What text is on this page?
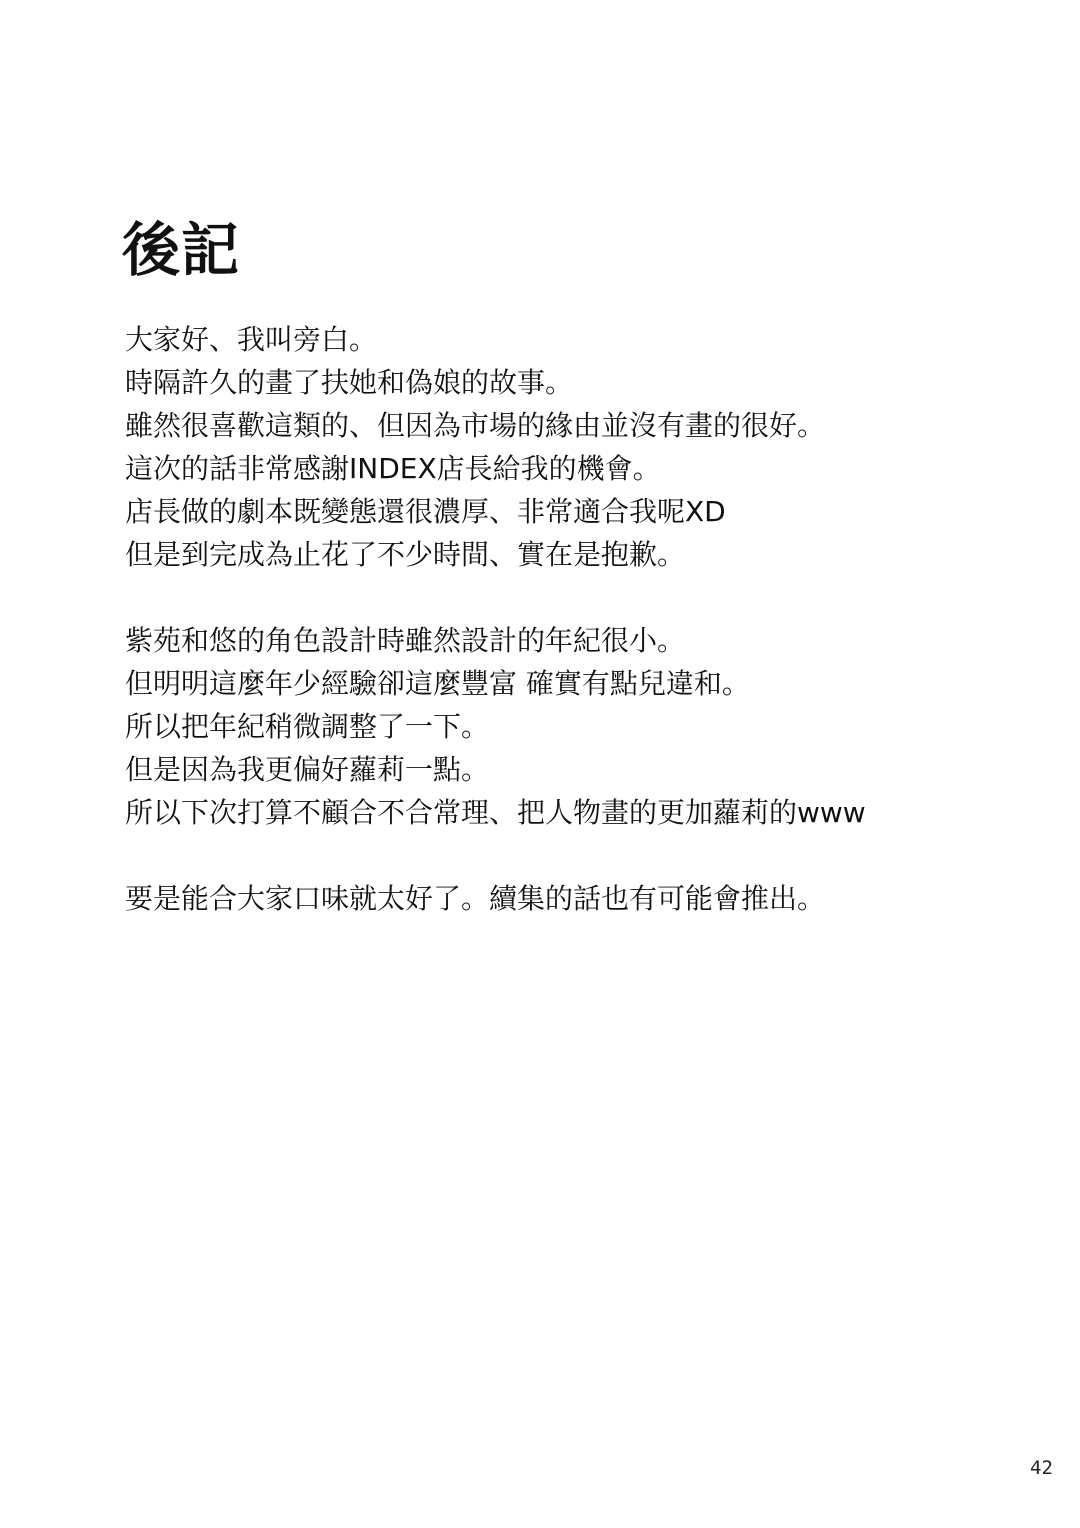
後記
大家好、我叫旁白。
時隔許久的畫了扶她和偽娘的故事。
雖然很喜歡這類的、但因為市場的緣由並沒有畫的很好。
這次的話非常感謝INDEX店長給我的機會。
店長做的劇本既變態還很濃厚、非常適合我呢XD
但是到完成為止花了不少時間、實在是抱歉。
紫苑和悠的角色設計時雖然設計的年紀很小。
但明明這麼年少經驗卻這麼豐富 確實有點兒違和。
所以把年紀稍微調整了一下。
但是因為我更偏好蘿莉一點。
所以下次打算不顧合不合常理、把人物畫的更加蘿莉的www
要是能合大家口味就太好了。續集的話也有可能會推出。
42
